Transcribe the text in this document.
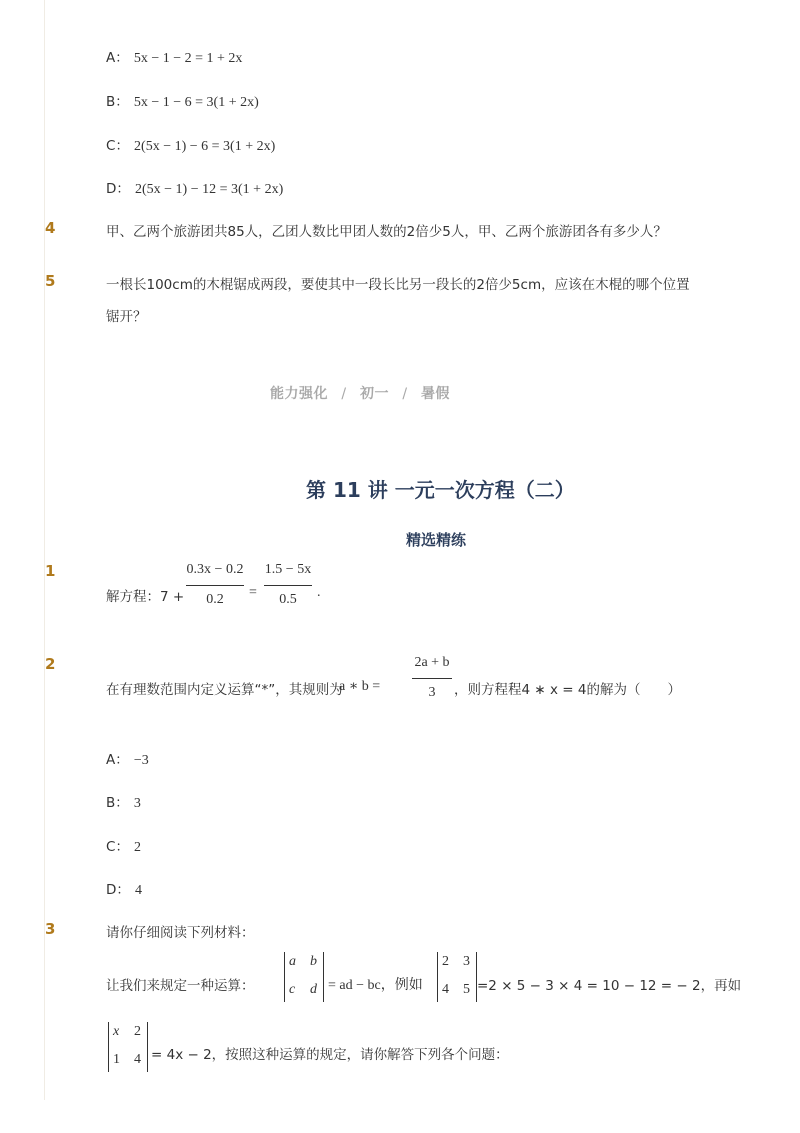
A： 5x − 1 − 2 = 1 + 2x
B： 5x − 1 − 6 = 3(1 + 2x)
C： 2(5x − 1) − 6 = 3(1 + 2x)
D： 2(5x − 1) − 12 = 3(1 + 2x)
4	甲、乙两个旅游团共85人，乙团人数比甲团人数的2倍少5人，甲、乙两个旅游团各有多少人？
5	一根长100cm的木棍锯成两段，要使其中一段长比另一段长的2倍少5cm，应该在木棍的哪个位置
锯开？
能力强化 / 初一 / 暑假
第 11 讲 一元一次方程（二）
精选精练
1
解方程：7 +
0.3x − 0.2
0.2	=
1.5 − 5x
0.5	.
2
在有理数范围内定义运算“*”，其规则为
a ∗ b =
2a + b
3	，则方程程4 ∗ x = 4的解为（　　）
A： −3
B： 3
C： 2
D： 4
3	请你仔细阅读下列材料：
让我们来规定一种运算：
a b
c d = ad − bc，例如
2 3
4 5 =2 × 5 − 3 × 4 = 10 − 12 = − 2，再如
x 2
1 4 = 4x − 2，按照这种运算的规定，请你解答下列各个问题：
